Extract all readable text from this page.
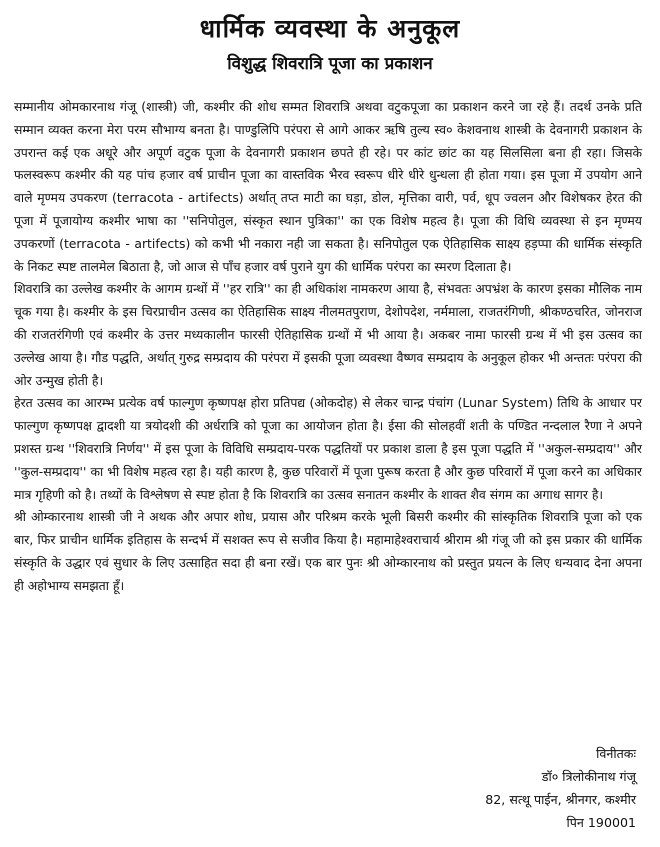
धार्मिक व्यवस्था के अनुकूल
विशुद्ध शिवरात्रि पूजा का प्रकाशन

सम्मानीय ओमकारनाथ गंजू (शास्त्री) जी, कश्मीर की शोध सम्मत शिवरात्रि अथवा वटुकपूजा का प्रकाशन करने जा रहे हैं। तदर्थ उनके प्रति सम्मान व्यक्त करना मेरा परम सौभाग्य बनता है। पाण्डुलिपि परंपरा से आगे आकर ऋषि तुल्य स्व० केशवनाथ शास्त्री के देवनागरी प्रकाशन के उपरान्त कई एक अधूरे और अपूर्ण वटुक पूजा के देवनागरी प्रकाशन छपते ही रहे। पर कांट छांट का यह सिलसिला बना ही रहा। जिसके फलस्वरूप कश्मीर की यह पांच हजार वर्ष प्राचीन पूजा का वास्तविक भैरव स्वरूप धीरे धीरे धुन्धला ही होता गया। इस पूजा में उपयोग आने वाले मृण्मय उपकरण (terracota - artifects) अर्थात् तप्त माटी का घड़ा, डोल, मृत्तिका वारी, पर्व, धूप ज्वलन और विशेषकर हेरत की पूजा में पूजायोग्य कश्मीर भाषा का ''सनिपोतुल, संस्कृत स्थान पुत्रिका'' का एक विशेष महत्व है। पूजा की विधि व्यवस्था से इन मृण्मय उपकरणों (terracota - artifects) को कभी भी नकारा नही जा सकता है। सनिपोतुल एक ऐतिहासिक साक्ष्य हड़प्पा की धार्मिक संस्कृति के निकट स्पष्ट तालमेल बिठाता है, जो आज से पाँच हजार वर्ष पुराने युग की धार्मिक परंपरा का स्मरण दिलाता है।

शिवरात्रि का उल्लेख कश्मीर के आगम ग्रन्थों में ''हर रात्रि'' का ही अधिकांश नामकरण आया है, संभवतः अपभ्रंश के कारण इसका मौलिक नाम चूक गया है। कश्मीर के इस चिरप्राचीन उत्सव का ऐतिहासिक साक्ष्य नीलमतपुराण, देशोपदेश, नर्ममाला, राजतरंगिणी, श्रीकण्ठचरित, जोनराज की राजतरंगिणी एवं कश्मीर के उत्तर मध्यकालीन फारसी ऐतिहासिक ग्रन्थों में भी आया है। अकबर नामा फारसी ग्रन्थ में भी इस उत्सव का उल्लेख आया है। गौड पद्धति, अर्थात् गुरुद्र सम्प्रदाय की परंपरा में इसकी पूजा व्यवस्था वैष्णव सम्प्रदाय के अनुकूल होकर भी अन्ततः परंपरा की ओर उन्मुख होती है।

हेरत उत्सव का आरम्भ प्रत्येक वर्ष फाल्गुण कृष्णपक्ष होरा प्रतिपद्य (ओकदोह) से लेकर चान्द्र पंचांग (Lunar System) तिथि के आधार पर फाल्गुण कृष्णपक्ष द्वादशी या त्रयोदशी की अर्धरात्रि को पूजा का आयोजन होता है। ईसा की सोलहवीं शती के पण्डित नन्दलाल रैणा ने अपने प्रशस्त ग्रन्थ ''शिवरात्रि निर्णय'' में इस पूजा के विविधि सम्प्रदाय-परक पद्धतियों पर प्रकाश डाला है इस पूजा पद्धति में ''अकुल-सम्प्रदाय'' और ''कुल-सम्प्रदाय'' का भी विशेष महत्व रहा है। यही कारण है, कुछ परिवारों में पूजा पुरूष करता है और कुछ परिवारों में पूजा करने का अधिकार मात्र गृहिणी को है। तथ्यों के विश्लेषण से स्पष्ट होता है कि शिवरात्रि का उत्सव सनातन कश्मीर के शाक्त शैव संगम का अगाध सागर है।

श्री ओम्कारनाथ शास्त्री जी ने अथक और अपार शोध, प्रयास और परिश्रम करके भूली बिसरी कश्मीर की सांस्कृतिक शिवरात्रि पूजा को एक बार, फिर प्राचीन धार्मिक इतिहास के सन्दर्भ में सशक्त रूप से सजीव किया है। महामाहेश्वराचार्य श्रीराम श्री गंजू जी को इस प्रकार की धार्मिक संस्कृति के उद्धार एवं सुधार के लिए उत्साहित सदा ही बना रखें। एक बार पुनः श्री ओम्कारनाथ को प्रस्तुत प्रयत्न के लिए धन्यवाद देना अपना ही अहोभाग्य समझता हूँ।

विनीतकः
डॉ० त्रिलोकीनाथ गंजू
82, सत्थू पाईन, श्रीनगर, कश्मीर
पिन 190001
